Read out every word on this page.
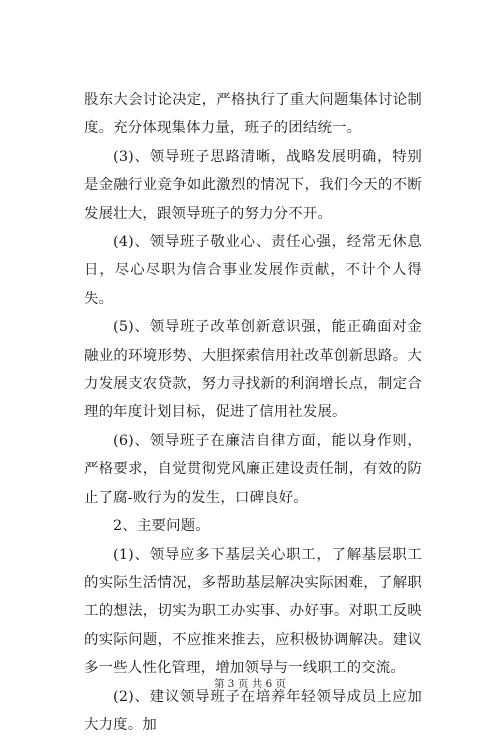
股东大会讨论决定，严格执行了重大问题集体讨论制度。充分体现集体力量，班子的团结统一。

(3)、领导班子思路清晰，战略发展明确，特别是金融行业竞争如此激烈的情况下，我们今天的不断发展壮大，跟领导班子的努力分不开。

(4)、领导班子敬业心、责任心强，经常无休息日，尽心尽职为信合事业发展作贡献，不计个人得失。

(5)、领导班子改革创新意识强，能正确面对金融业的环境形势、大胆探索信用社改革创新思路。大力发展支农贷款，努力寻找新的利润增长点，制定合理的年度计划目标，促进了信用社发展。

(6)、领导班子在廉洁自律方面，能以身作则，严格要求，自觉贯彻党风廉正建设责任制，有效的防止了腐-败行为的发生，口碑良好。

2、主要问题。

(1)、领导应多下基层关心职工，了解基层职工的实际生活情况，多帮助基层解决实际困难，了解职工的想法，切实为职工办实事、办好事。对职工反映的实际问题，不应推来推去，应积极协调解决。建议多一些人性化管理，增加领导与一线职工的交流。

(2)、建议领导班子在培养年轻领导成员上应加大力度。加

第 3 页 共 6 页
